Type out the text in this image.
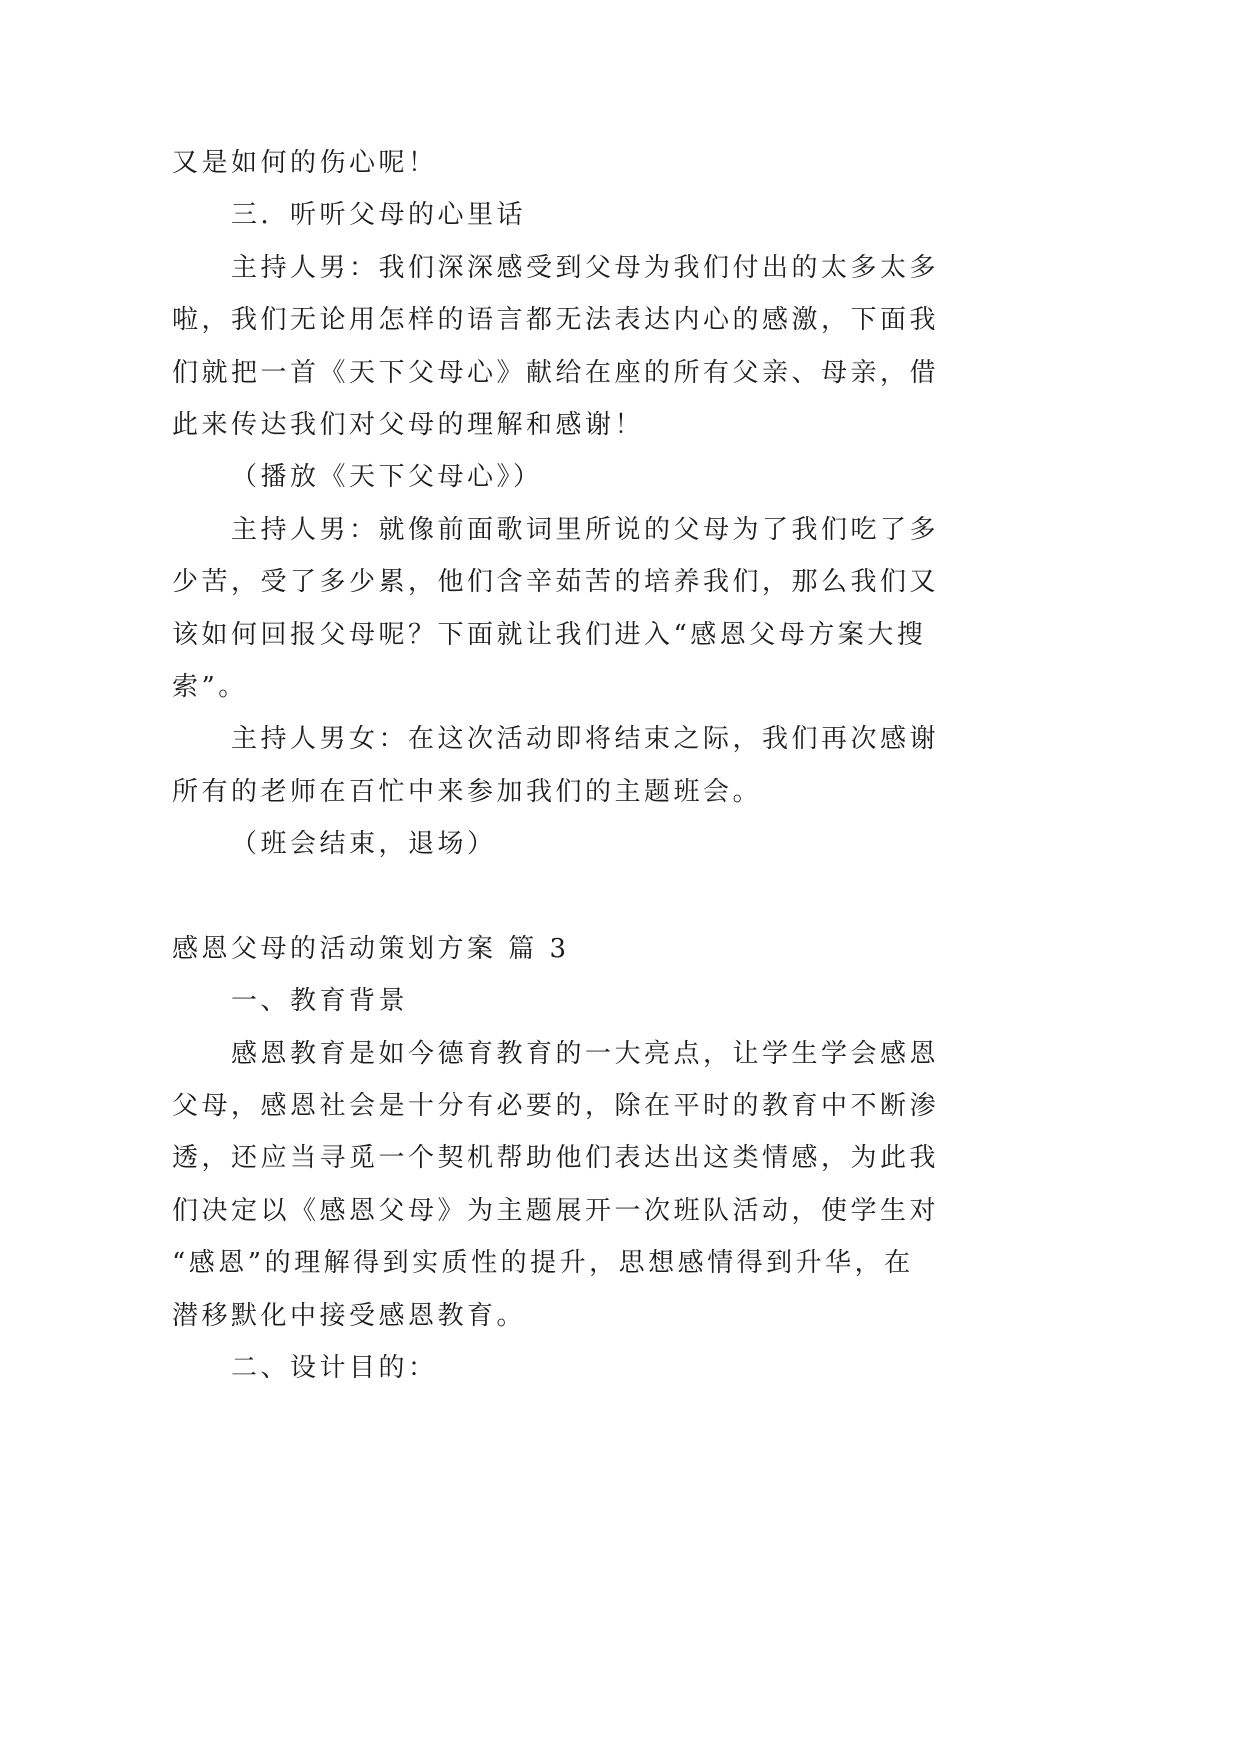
又是如何的伤心呢！
三．听听父母的心里话
主持人男：我们深深感受到父母为我们付出的太多太多
啦，我们无论用怎样的语言都无法表达内心的感激，下面我
们就把一首《天下父母心》献给在座的所有父亲、母亲，借
此来传达我们对父母的理解和感谢！
（播放《天下父母心》）
主持人男：就像前面歌词里所说的父母为了我们吃了多
少苦，受了多少累，他们含辛茹苦的培养我们，那么我们又
该如何回报父母呢？下面就让我们进入“感恩父母方案大搜
索”。
主持人男女：在这次活动即将结束之际，我们再次感谢
所有的老师在百忙中来参加我们的主题班会。
（班会结束，退场）
感恩父母的活动策划方案 篇 3
一、教育背景
感恩教育是如今德育教育的一大亮点，让学生学会感恩
父母，感恩社会是十分有必要的，除在平时的教育中不断渗
透，还应当寻觅一个契机帮助他们表达出这类情感，为此我
们决定以《感恩父母》为主题展开一次班队活动，使学生对
“感恩”的理解得到实质性的提升，思想感情得到升华，在
潜移默化中接受感恩教育。
二、设计目的：
